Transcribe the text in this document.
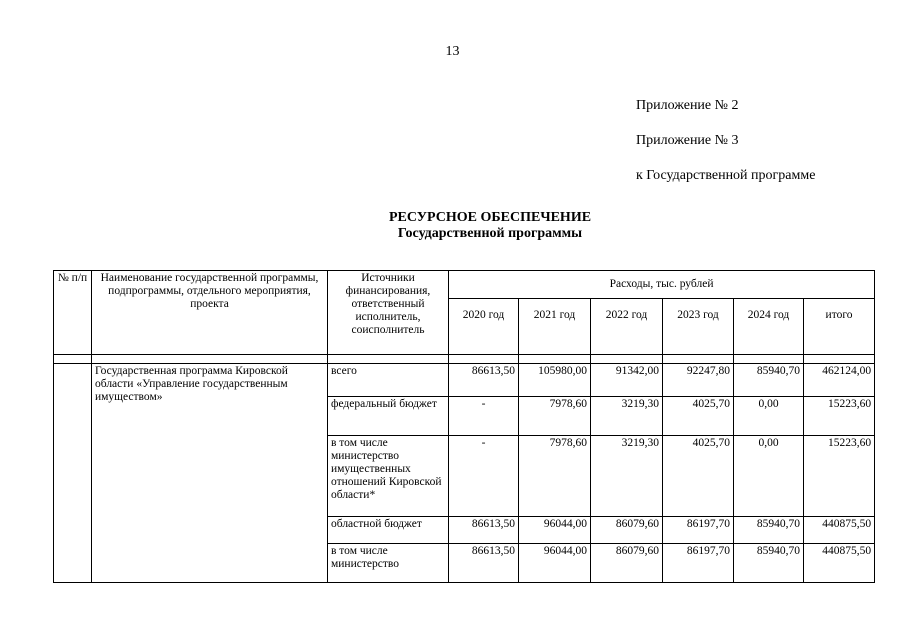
13
Приложение № 2
Приложение № 3
к Государственной программе
РЕСУРСНОЕ ОБЕСПЕЧЕНИЕ
Государственной программы
№ п/п	Наименование государственной программы, подпрограммы, отдельного мероприятия, проекта	Источники финансирования, ответственный исполнитель, соисполнитель	Расходы, тыс. рублей					
			2020 год	2021 год	2022 год	2023 год	2024 год	итого

	Государственная программа Кировской области «Управление государственным имуществом»	всего	86613,50	105980,00	91342,00	92247,80	85940,70	462124,00
		федеральный бюджет	-	7978,60	3219,30	4025,70	0,00	15223,60
		в том числе министерство имущественных отношений Кировской области*	-	7978,60	3219,30	4025,70	0,00	15223,60
		областной бюджет	86613,50	96044,00	86079,60	86197,70	85940,70	440875,50
		в том числе министерство	86613,50	96044,00	86079,60	86197,70	85940,70	440875,50
